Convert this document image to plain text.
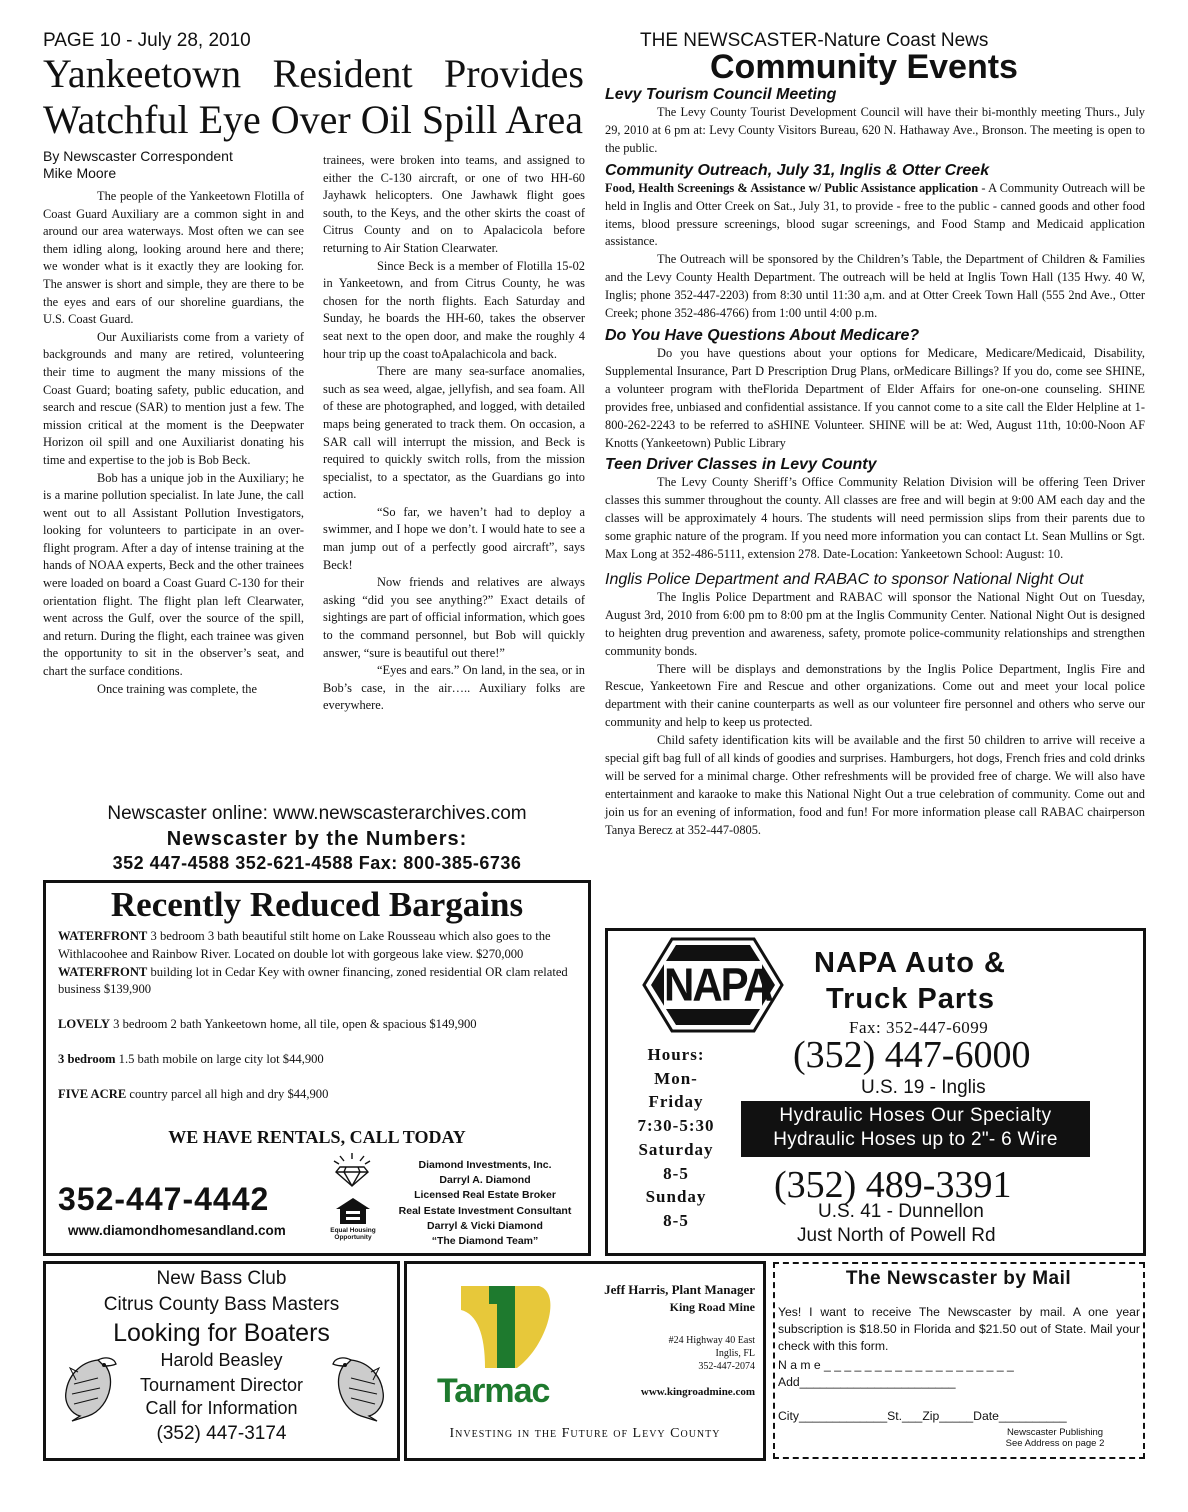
PAGE 10 - July 28, 2010	THE NEWSCASTER-Nature Coast News
Yankeetown Resident Provides
Watchful Eye Over Oil Spill Area
By Newscaster Correspondent
Mike Moore
The people of the Yankeetown Flotilla of Coast Guard Auxiliary are a common sight in and around our area waterways. Most often we can see them idling along, looking around here and there; we wonder what is it exactly they are looking for. The answer is short and simple, they are there to be the eyes and ears of our shoreline guardians, the U.S. Coast Guard.
Our Auxiliarists come from a variety of backgrounds and many are retired, volunteering their time to augment the many missions of the Coast Guard; boating safety, public education, and search and rescue (SAR) to mention just a few. The mission critical at the moment is the Deepwater Horizon oil spill and one Auxiliarist donating his time and expertise to the job is Bob Beck.
Bob has a unique job in the Auxiliary; he is a marine pollution specialist. In late June, the call went out to all Assistant Pollution Investigators, looking for volunteers to participate in an over-flight program. After a day of intense training at the hands of NOAA experts, Beck and the other trainees were loaded on board a Coast Guard C-130 for their orientation flight. The flight plan left Clearwater, went across the Gulf, over the source of the spill, and return. During the flight, each trainee was given the opportunity to sit in the observer’s seat, and chart the surface conditions.
Once training was complete, the
trainees, were broken into teams, and assigned to either the C-130 aircraft, or one of two HH-60 Jayhawk helicopters. One Jawhawk flight goes south, to the Keys, and the other skirts the coast of Citrus County and on to Apalacicola before returning to Air Station Clearwater.
Since Beck is a member of Flotilla 15-02 in Yankeetown, and from Citrus County, he was chosen for the north flights. Each Saturday and Sunday, he boards the HH-60, takes the observer seat next to the open door, and make the roughly 4 hour trip up the coast toApalachicola and back.
There are many sea-surface anomalies, such as sea weed, algae, jellyfish, and sea foam. All of these are photographed, and logged, with detailed maps being generated to track them. On occasion, a SAR call will interrupt the mission, and Beck is required to quickly switch rolls, from the mission specialist, to a spectator, as the Guardians go into action.
“So far, we haven’t had to deploy a swimmer, and I hope we don’t. I would hate to see a man jump out of a perfectly good aircraft”, says Beck!
Now friends and relatives are always asking “did you see anything?” Exact details of sightings are part of official information, which goes to the command personnel, but Bob will quickly answer, “sure is beautiful out there!”
“Eyes and ears.” On land, in the sea, or in Bob’s case, in the air….. Auxiliary folks are everywhere.
Newscaster online: www.newscasterarchives.com
Newscaster by the Numbers:
352 447-4588 352-621-4588 Fax: 800-385-6736
Recently Reduced Bargains
WATERFRONT 3 bedroom 3 bath beautiful stilt home on Lake Rousseau which also goes to the Withlacoohee and Rainbow River. Located on double lot with gorgeous lake view. $270,000
WATERFRONT building lot in Cedar Key with owner financing, zoned residential OR clam related business $139,900
LOVELY 3 bedroom 2 bath Yankeetown home, all tile, open & spacious $149,900
3 bedroom 1.5 bath mobile on large city lot $44,900
FIVE ACRE country parcel all high and dry $44,900
WE HAVE RENTALS, CALL TODAY
352-447-4442
www.diamondhomesandland.com	Equal Housing
Opportunity
Diamond Investments, Inc.
Darryl A. Diamond
Licensed Real Estate Broker
Real Estate Investment Consultant
Darryl & Vicki Diamond
“The Diamond Team”
New Bass Club
Citrus County Bass Masters
Looking for Boaters
Harold Beasley
Tournament Director
Call for Information
(352) 447-3174
Tarmac
Jeff Harris, Plant Manager
King Road Mine
#24 Highway 40 East
Inglis, FL
352-447-2074
www.kingroadmine.com
Investing in the Future of Levy County
Community Events
Levy Tourism Council Meeting
The Levy County Tourist Development Council will have their bi-monthly meeting Thurs., July 29, 2010 at 6 pm at: Levy County Visitors Bureau, 620 N. Hathaway Ave., Bronson. The meeting is open to the public.
Community Outreach, July 31, Inglis & Otter Creek
Food, Health Screenings & Assistance w/ Public Assistance application - A Community Outreach will be held in Inglis and Otter Creek on Sat., July 31, to provide - free to the public - canned goods and other food items, blood pressure screenings, blood sugar screenings, and Food Stamp and Medicaid application assistance.
The Outreach will be sponsored by the Children’s Table, the Department of Children & Families and the Levy County Health Department. The outreach will be held at Inglis Town Hall (135 Hwy. 40 W, Inglis; phone 352-447-2203) from 8:30 until 11:30 a,m. and at Otter Creek Town Hall (555 2nd Ave., Otter Creek; phone 352-486-4766) from 1:00 until 4:00 p.m.
Do You Have Questions About Medicare?
Do you have questions about your options for Medicare, Medicare/Medicaid, Disability, Supplemental Insurance, Part D Prescription Drug Plans, orMedicare Billings? If you do, come see SHINE, a volunteer program with theFlorida Department of Elder Affairs for one-on-one counseling. SHINE provides free, unbiased and confidential assistance. If you cannot come to a site call the Elder Helpline at 1-800-262-2243 to be referred to aSHINE Volunteer. SHINE will be at: Wed, August 11th, 10:00-Noon AF Knotts (Yankeetown) Public Library
Teen Driver Classes in Levy County
The Levy County Sheriff’s Office Community Relation Division will be offering Teen Driver classes this summer throughout the county. All classes are free and will begin at 9:00 AM each day and the classes will be approximately 4 hours. The students will need permission slips from their parents due to some graphic nature of the program. If you need more information you can contact Lt. Sean Mullins or Sgt. Max Long at 352-486-5111, extension 278. Date-Location: Yankeetown School: August: 10.
Inglis Police Department and RABAC to sponsor National Night Out
The Inglis Police Department and RABAC will sponsor the National Night Out on Tuesday, August 3rd, 2010 from 6:00 pm to 8:00 pm at the Inglis Community Center. National Night Out is designed to heighten drug prevention and awareness, safety, promote police-community relationships and strengthen community bonds.
There will be displays and demonstrations by the Inglis Police Department, Inglis Fire and Rescue, Yankeetown Fire and Rescue and other organizations. Come out and meet your local police department with their canine counterparts as well as our volunteer fire personnel and others who serve our community and help to keep us protected.
Child safety identification kits will be available and the first 50 children to arrive will receive a special gift bag full of all kinds of goodies and surprises. Hamburgers, hot dogs, French fries and cold drinks will be served for a minimal charge. Other refreshments will be provided free of charge. We will also have entertainment and karaoke to make this National Night Out a true celebration of community. Come out and join us for an evening of information, food and fun! For more information please call RABAC chairperson Tanya Berecz at 352-447-0805.
NAPA NAPA Auto &
Truck Parts
Fax: 352-447-6099
Hours:
Mon-
Friday
7:30-5:30
Saturday
8-5
Sunday
8-5
(352) 447-6000
U.S. 19 - Inglis
Hydraulic Hoses Our Specialty
Hydraulic Hoses up to 2"- 6 Wire
(352) 489-3391
U.S. 41 - Dunnellon
Just North of Powell Rd
The Newscaster by Mail
Yes! I want to receive The Newscaster by mail. A one year subscription is $18.50 in Florida and $21.50 out of State. Mail your check with this form.
N a m e _ _ _ _ _ _ _ _ _ _ _ _ _ _ _ _ _ _ _
Add_______________________
City_____________St.___Zip_____Date__________
Newscaster Publishing
See Address on page 2
